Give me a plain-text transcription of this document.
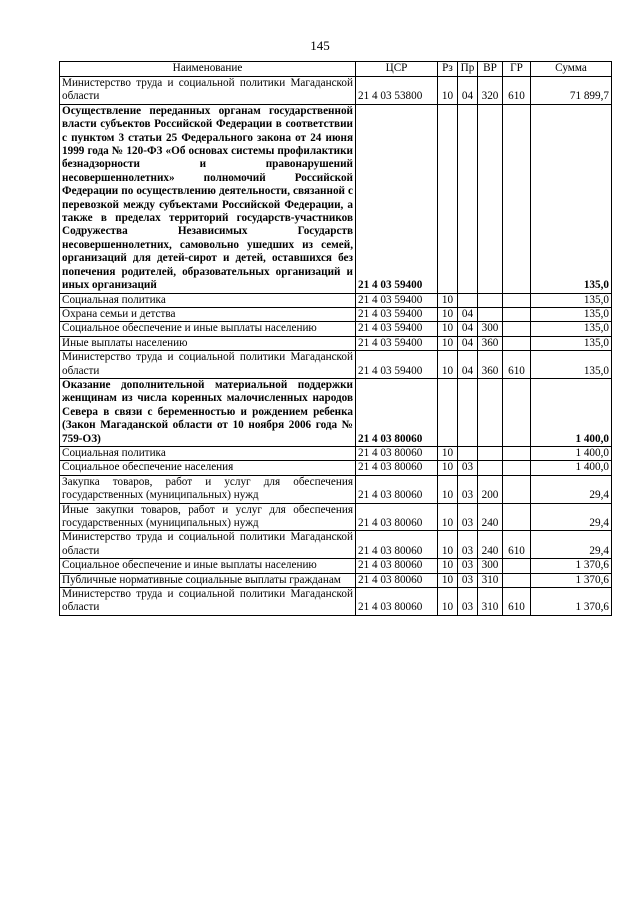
145
Наименование	ЦСР	Рз	Пр	ВР	ГР	Сумма
Министерство труда и социальной политики Магаданской области	21 4 03 53800	10	04	320	610	71 899,7
Осуществление переданных органам государственной власти субъектов Российской Федерации в соответствии с пунктом 3 статьи 25 Федерального закона от 24 июня 1999 года № 120-ФЗ «Об основах системы профилактики безнадзорности и правонарушений несовершеннолетних» полномочий Российской Федерации по осуществлению деятельности, связанной с перевозкой между субъектами Российской Федерации, а также в пределах территорий государств-участников Содружества Независимых Государств несовершеннолетних, самовольно ушедших из семей, организаций для детей-сирот и детей, оставшихся без попечения родителей, образовательных организаций и иных организаций	21 4 03 59400					135,0
Социальная политика	21 4 03 59400	10				135,0
Охрана семьи и детства	21 4 03 59400	10	04			135,0
Социальное обеспечение и иные выплаты населению	21 4 03 59400	10	04	300		135,0
Иные выплаты населению	21 4 03 59400	10	04	360		135,0
Министерство труда и социальной политики Магаданской области	21 4 03 59400	10	04	360	610	135,0
Оказание дополнительной материальной поддержки женщинам из числа коренных малочисленных народов Севера в связи с беременностью и рождением ребенка (Закон Магаданской области от 10 ноября 2006 года № 759-ОЗ)	21 4 03 80060					1 400,0
Социальная политика	21 4 03 80060	10				1 400,0
Социальное обеспечение населения	21 4 03 80060	10	03			1 400,0
Закупка товаров, работ и услуг для обеспечения государственных (муниципальных) нужд	21 4 03 80060	10	03	200		29,4
Иные закупки товаров, работ и услуг для обеспечения государственных (муниципальных) нужд	21 4 03 80060	10	03	240		29,4
Министерство труда и социальной политики Магаданской области	21 4 03 80060	10	03	240	610	29,4
Социальное обеспечение и иные выплаты населению	21 4 03 80060	10	03	300		1 370,6
Публичные нормативные социальные выплаты гражданам	21 4 03 80060	10	03	310		1 370,6
Министерство труда и социальной политики Магаданской области	21 4 03 80060	10	03	310	610	1 370,6
